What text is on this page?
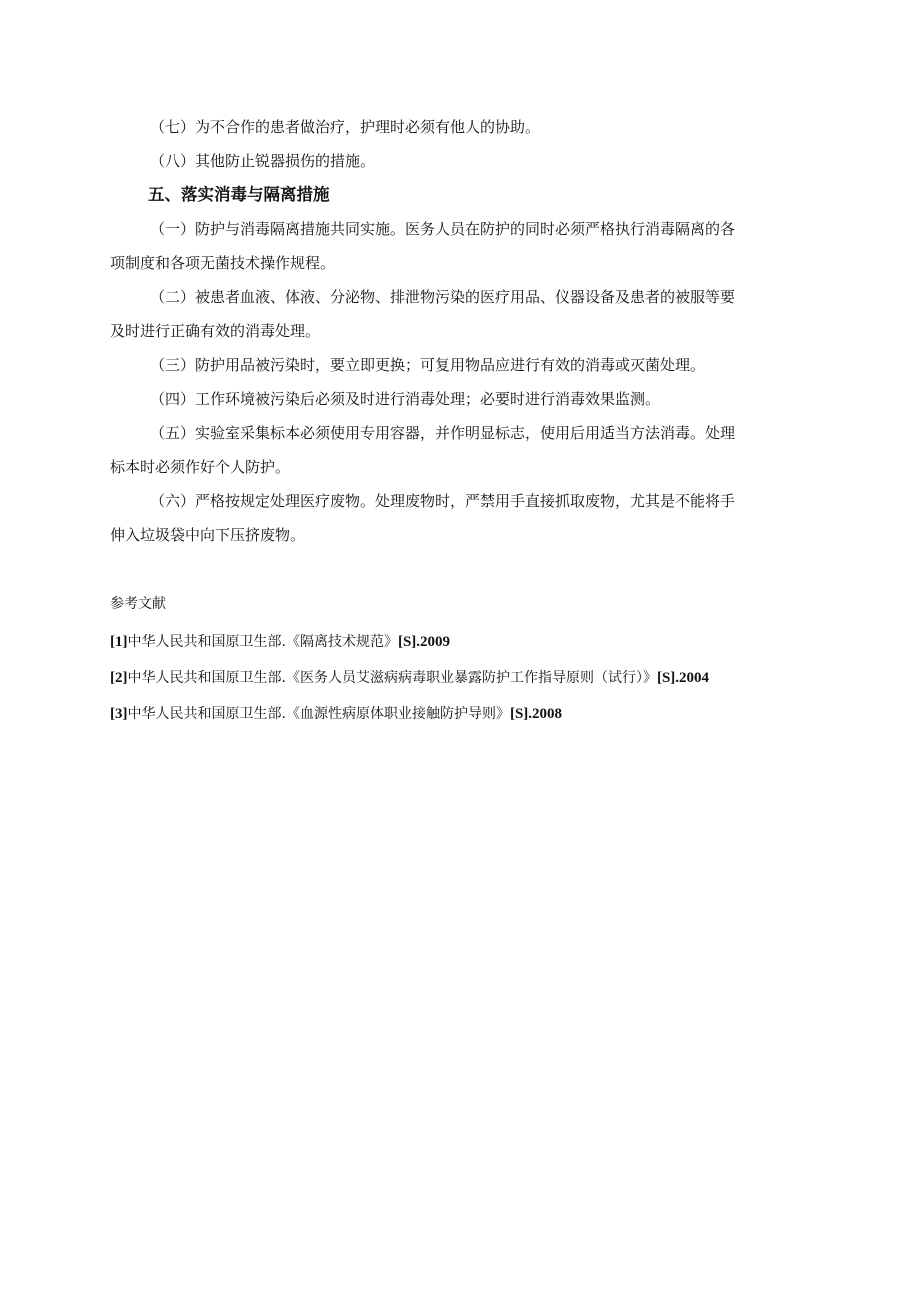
（七）为不合作的患者做治疗，护理时必须有他人的协助。
（八）其他防止锐器损伤的措施。
五、落实消毒与隔离措施
（一）防护与消毒隔离措施共同实施。医务人员在防护的同时必须严格执行消毒隔离的各
项制度和各项无菌技术操作规程。
（二）被患者血液、体液、分泌物、排泄物污染的医疗用品、仪器设备及患者的被服等要
及时进行正确有效的消毒处理。
（三）防护用品被污染时，要立即更换；可复用物品应进行有效的消毒或灭菌处理。
（四）工作环境被污染后必须及时进行消毒处理；必要时进行消毒效果监测。
（五）实验室采集标本必须使用专用容器，并作明显标志，使用后用适当方法消毒。处理
标本时必须作好个人防护。
（六）严格按规定处理医疗废物。处理废物时，严禁用手直接抓取废物，尤其是不能将手
伸入垃圾袋中向下压挤废物。
参考文献
[1]中华人民共和国原卫生部.《隔离技术规范》[S].2009
[2]中华人民共和国原卫生部.《医务人员艾滋病病毒职业暴露防护工作指导原则（试行）》[S].2004
[3]中华人民共和国原卫生部.《血源性病原体职业接触防护导则》[S].2008
